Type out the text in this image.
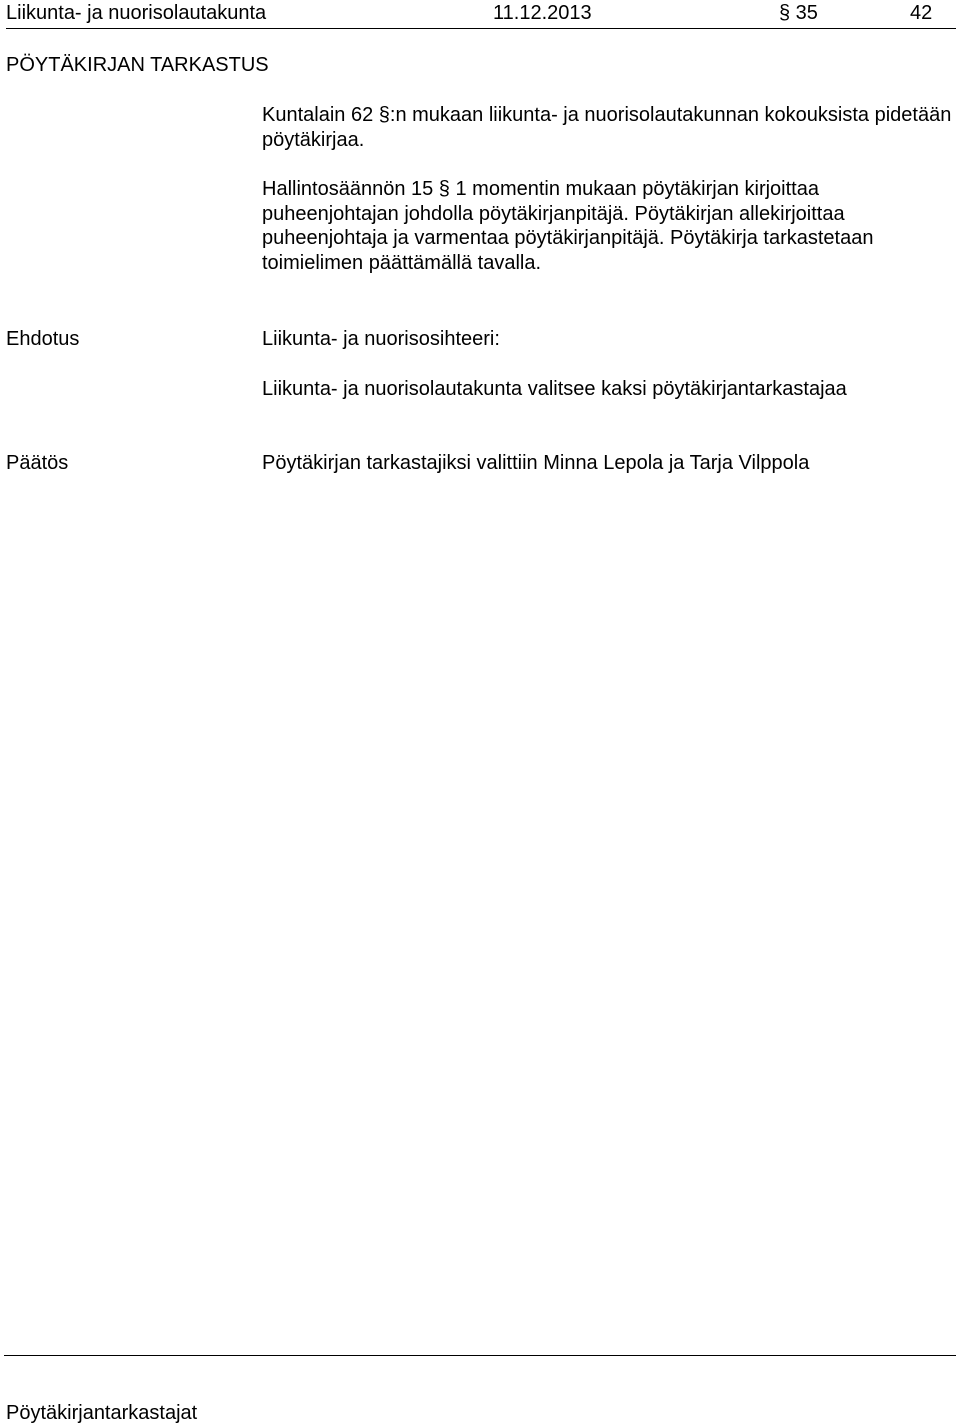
Liikunta- ja nuorisolautakunta	11.12.2013	§ 35	42
PÖYTÄKIRJAN TARKASTUS

Kuntalain 62 §:n mukaan liikunta- ja nuorisolautakunnan kokouksista pidetään pöytäkirjaa.

Hallintosäännön 15 § 1 momentin mukaan pöytäkirjan kirjoittaa puheenjohtajan johdolla pöytäkirjanpitäjä. Pöytäkirjan allekirjoittaa puheenjohtaja ja varmentaa pöytäkirjanpitäjä. Pöytäkirja tarkastetaan toimielimen päättämällä tavalla.

Ehdotus	Liikunta- ja nuorisosihteeri:
Liikunta- ja nuorisolautakunta valitsee kaksi pöytäkirjantarkastajaa
Päätös	Pöytäkirjan tarkastajiksi valittiin Minna Lepola ja Tarja Vilppola
Pöytäkirjantarkastajat
